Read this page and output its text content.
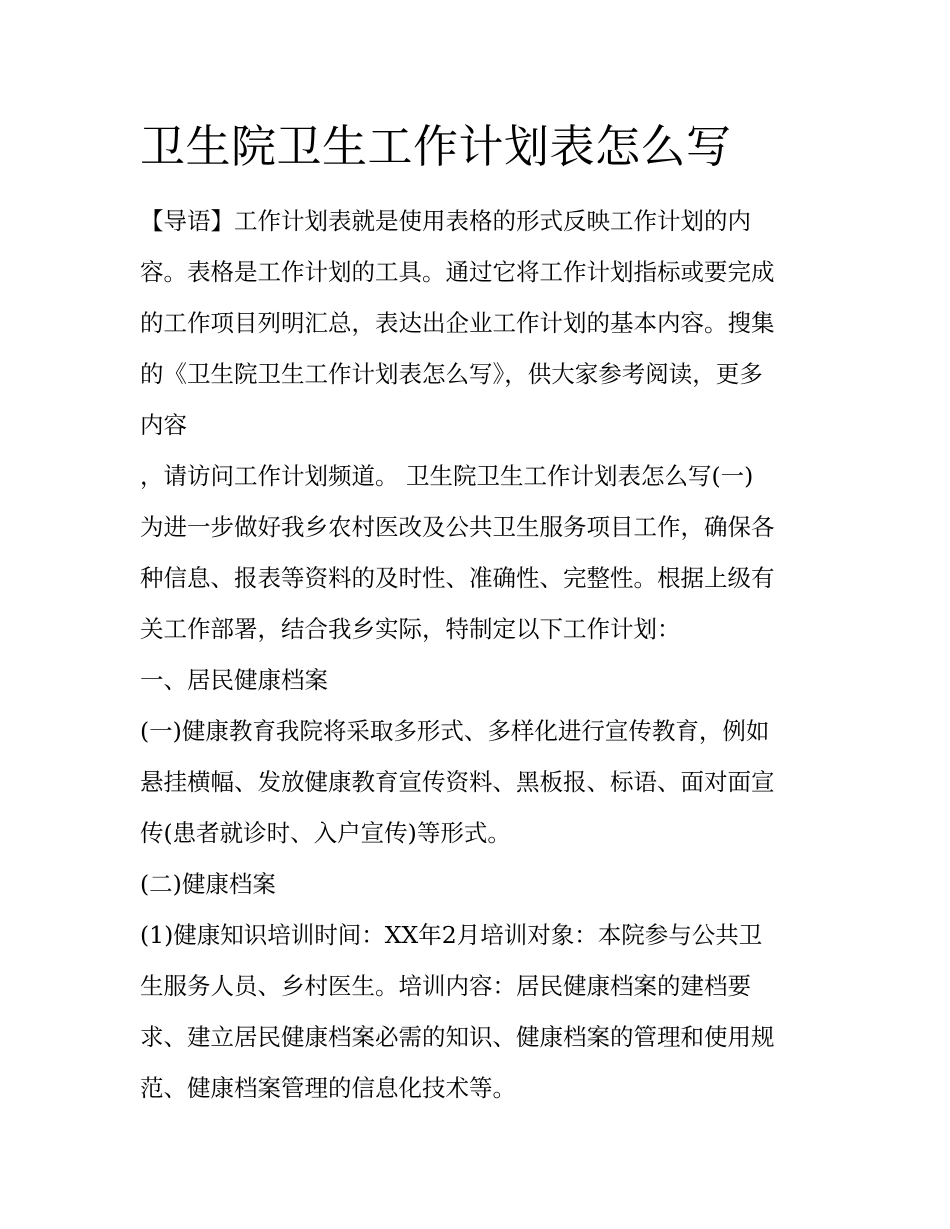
卫生院卫生工作计划表怎么写
【导语】工作计划表就是使用表格的形式反映工作计划的内
容。表格是工作计划的工具。通过它将工作计划指标或要完成
的工作项目列明汇总，表达出企业工作计划的基本内容。搜集
的《卫生院卫生工作计划表怎么写》，供大家参考阅读，更多
内容
，请访问工作计划频道。 卫生院卫生工作计划表怎么写(一)
为进一步做好我乡农村医改及公共卫生服务项目工作，确保各
种信息、报表等资料的及时性、准确性、完整性。根据上级有
关工作部署，结合我乡实际，特制定以下工作计划：
一、居民健康档案
(一)健康教育我院将采取多形式、多样化进行宣传教育，例如
悬挂横幅、发放健康教育宣传资料、黑板报、标语、面对面宣
传(患者就诊时、入户宣传)等形式。
(二)健康档案
(1)健康知识培训时间：XX年2月培训对象：本院参与公共卫
生服务人员、乡村医生。培训内容：居民健康档案的建档要
求、建立居民健康档案必需的知识、健康档案的管理和使用规
范、健康档案管理的信息化技术等。
